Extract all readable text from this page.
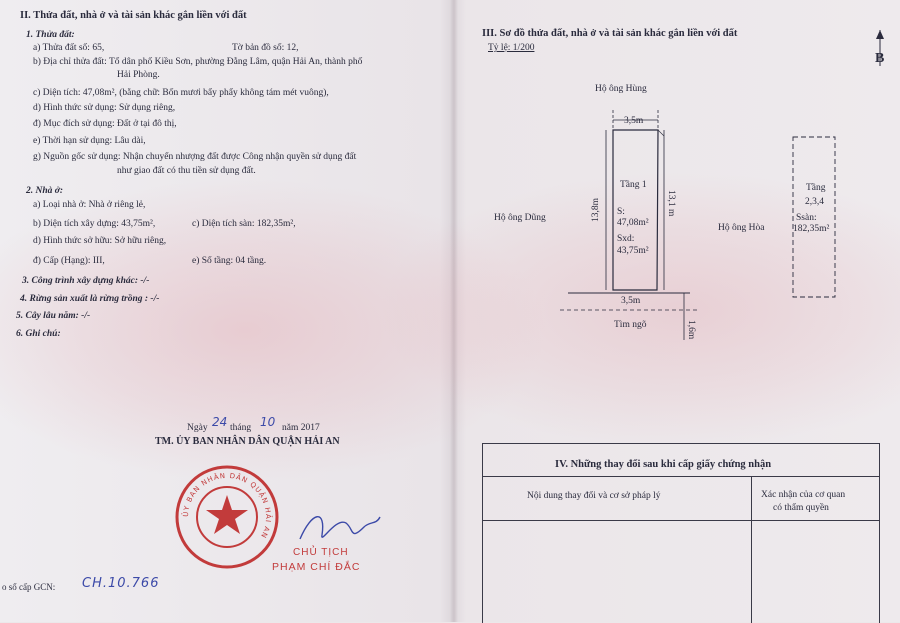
II. Thửa đất, nhà ở và tài sản khác gắn liền với đất
1. Thửa đất:
a) Thửa đất số: 65,	Tờ bản đồ số: 12,
b) Địa chỉ thửa đất: Tổ dân phố Kiều Sơn, phường Đằng Lâm, quận Hải An, thành phố
Hải Phòng.
c) Diện tích: 47,08m², (bằng chữ: Bốn mươi bẩy phẩy không tám mét vuông),
d) Hình thức sử dụng: Sử dụng riêng,
đ) Mục đích sử dụng: Đất ở tại đô thị,
e) Thời hạn sử dụng: Lâu dài,
g) Nguồn gốc sử dụng: Nhận chuyển nhượng đất được Công nhận quyền sử dụng đất
như giao đất có thu tiền sử dụng đất.
2. Nhà ở:
a) Loại nhà ở: Nhà ở riêng lẻ,
b) Diện tích xây dựng: 43,75m²,	c) Diện tích sàn: 182,35m²,
d) Hình thức sở hữu: Sở hữu riêng,
đ) Cấp (Hạng): III,	e) Số tầng: 04 tầng.
3. Công trình xây dựng khác: -/-
4. Rừng sản xuất là rừng trồng : -/-
5. Cây lâu năm: -/-
6. Ghi chú:
Ngày 24 tháng 10 năm 2017
TM. ỦY BAN NHÂN DÂN QUẬN HẢI AN
ỦY BAN NHÂN DÂN QUẬN HẢI AN
CHỦ TỊCH
PHẠM CHÍ ĐẮC
o sổ cấp GCN: CH.10.766
III. Sơ đồ thửa đất, nhà ở và tài sản khác gắn liền với đất
Tỷ lệ: 1/200
B
Hộ ông Hùng
Hộ ông Dũng
Hộ ông Hòa
3,5m
Tầng 1
S:
47,08m²
Sxd:
43,75m²
13,8m	13,1 m
3,5m
Tìm ngõ	1,6m
Tầng
2,3,4
Ssàn:
182,35m²
IV. Những thay đổi sau khi cấp giấy chứng nhận
Nội dung thay đổi và cơ sở pháp lý	Xác nhận của cơ quan
có thẩm quyền
